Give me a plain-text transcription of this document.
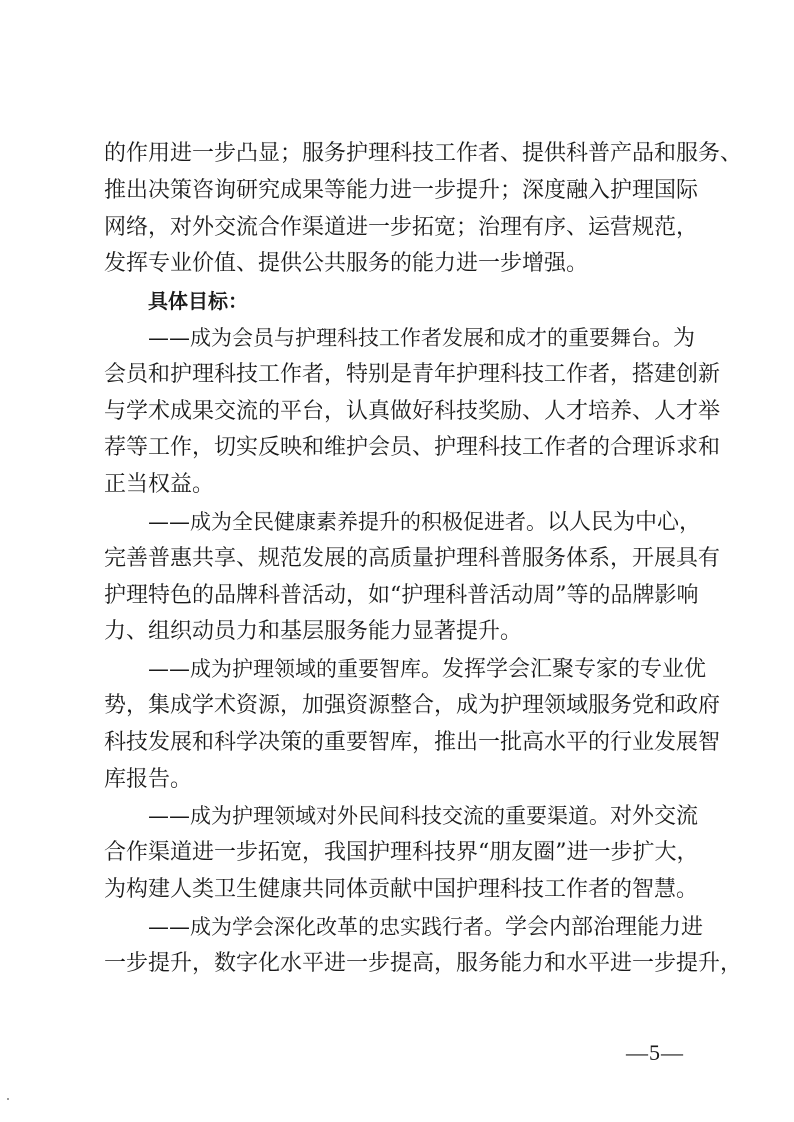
的作用进一步凸显；服务护理科技工作者、提供科普产品和服务、
推出决策咨询研究成果等能力进一步提升；深度融入护理国际
网络，对外交流合作渠道进一步拓宽；治理有序、运营规范，
发挥专业价值、提供公共服务的能力进一步增强。
具体目标：
——成为会员与护理科技工作者发展和成才的重要舞台。为
会员和护理科技工作者，特别是青年护理科技工作者，搭建创新
与学术成果交流的平台，认真做好科技奖励、人才培养、人才举
荐等工作，切实反映和维护会员、护理科技工作者的合理诉求和
正当权益。
——成为全民健康素养提升的积极促进者。以人民为中心，
完善普惠共享、规范发展的高质量护理科普服务体系，开展具有
护理特色的品牌科普活动，如“护理科普活动周”等的品牌影响
力、组织动员力和基层服务能力显著提升。
——成为护理领域的重要智库。发挥学会汇聚专家的专业优
势，集成学术资源，加强资源整合，成为护理领域服务党和政府
科技发展和科学决策的重要智库，推出一批高水平的行业发展智
库报告。
——成为护理领域对外民间科技交流的重要渠道。对外交流
合作渠道进一步拓宽，我国护理科技界“朋友圈”进一步扩大，
为构建人类卫生健康共同体贡献中国护理科技工作者的智慧。
——成为学会深化改革的忠实践行者。学会内部治理能力进
一步提升，数字化水平进一步提高，服务能力和水平进一步提升，
—5—
